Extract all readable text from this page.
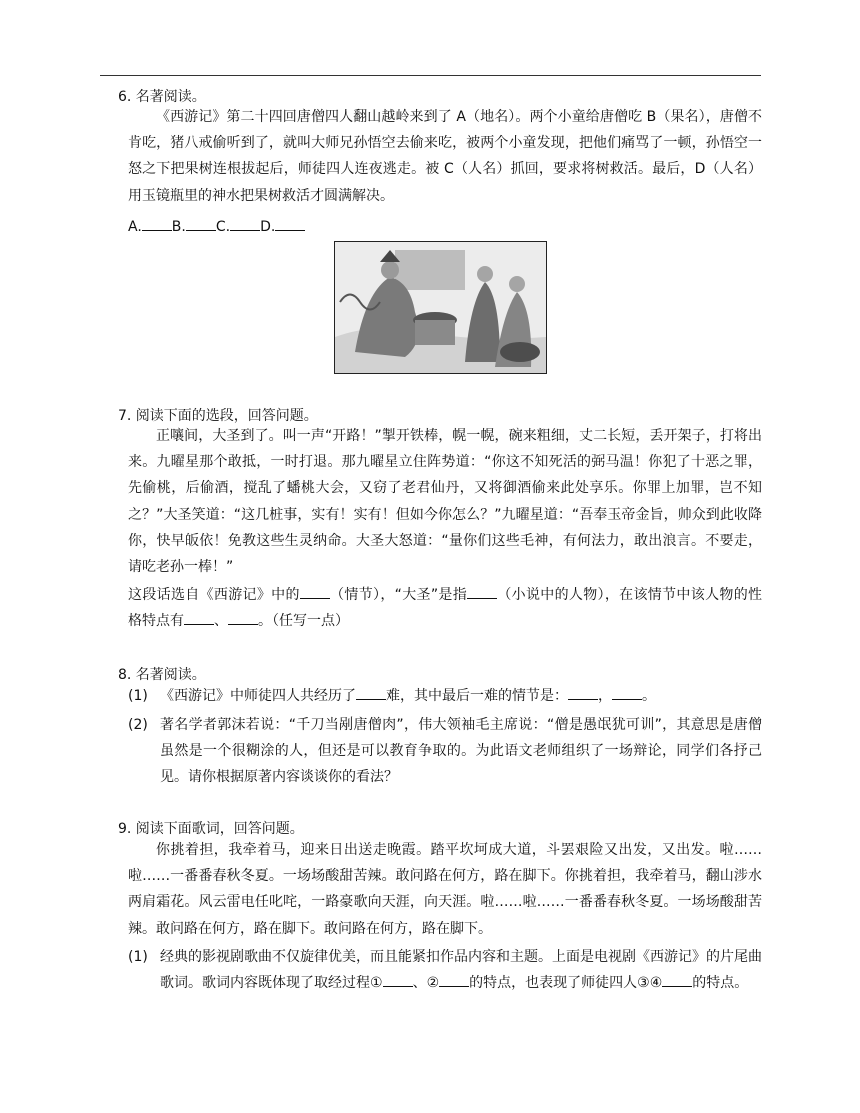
6. 名著阅读。
《西游记》第二十四回唐僧四人翻山越岭来到了 A（地名）。两个小童给唐僧吃 B（果名），唐僧不肯吃，猪八戒偷听到了，就叫大师兄孙悟空去偷来吃，被两个小童发现，把他们痛骂了一顿，孙悟空一怒之下把果树连根拔起后，师徒四人连夜逃走。被 C（人名）抓回，要求将树救活。最后，D（人名）用玉镜瓶里的神水把果树救活才圆满解决。
A. B. C. D.
7. 阅读下面的选段，回答问题。
正嚷间，大圣到了。叫一声“开路！”掣开铁棒，幌一幌，碗来粗细，丈二长短，丢开架子，打将出来。九曜星那个敢抵，一时打退。那九曜星立住阵势道：“你这不知死活的弼马温！你犯了十恶之罪，先偷桃，后偷酒，搅乱了蟠桃大会，又窃了老君仙丹，又将御酒偷来此处享乐。你罪上加罪，岂不知之？”大圣笑道：“这几桩事，实有！实有！但如今你怎么？”九曜星道：“吾奉玉帝金旨，帅众到此收降你，快早皈依！免教这些生灵纳命。大圣大怒道：“量你们这些毛神，有何法力，敢出浪言。不要走，请吃老孙一棒！”
这段话选自《西游记》中的 （情节），“大圣”是指 （小说中的人物），在该情节中该人物的性格特点有 、 。（任写一点）
8. 名著阅读。
(1) 《西游记》中师徒四人共经历了 难，其中最后一难的情节是： ， 。
(2) 著名学者郭沫若说：“千刀当剐唐僧肉”，伟大领袖毛主席说：“僧是愚氓犹可训”，其意思是唐僧虽然是一个很糊涂的人，但还是可以教育争取的。为此语文老师组织了一场辩论，同学们各抒己见。请你根据原著内容谈谈你的看法？
9. 阅读下面歌词，回答问题。
你挑着担，我牵着马，迎来日出送走晚霞。踏平坎坷成大道，斗罢艰险又出发，又出发。啦……啦……一番番春秋冬夏。一场场酸甜苦辣。敢问路在何方，路在脚下。你挑着担，我牵着马，翻山涉水两肩霜花。风云雷电任叱咤，一路豪歌向天涯，向天涯。啦……啦……一番番春秋冬夏。一场场酸甜苦辣。敢问路在何方，路在脚下。敢问路在何方，路在脚下。
(1) 经典的影视剧歌曲不仅旋律优美，而且能紧扣作品内容和主题。上面是电视剧《西游记》的片尾曲歌词。歌词内容既体现了取经过程① 、② 的特点，也表现了师徒四人③④ 的特点。
